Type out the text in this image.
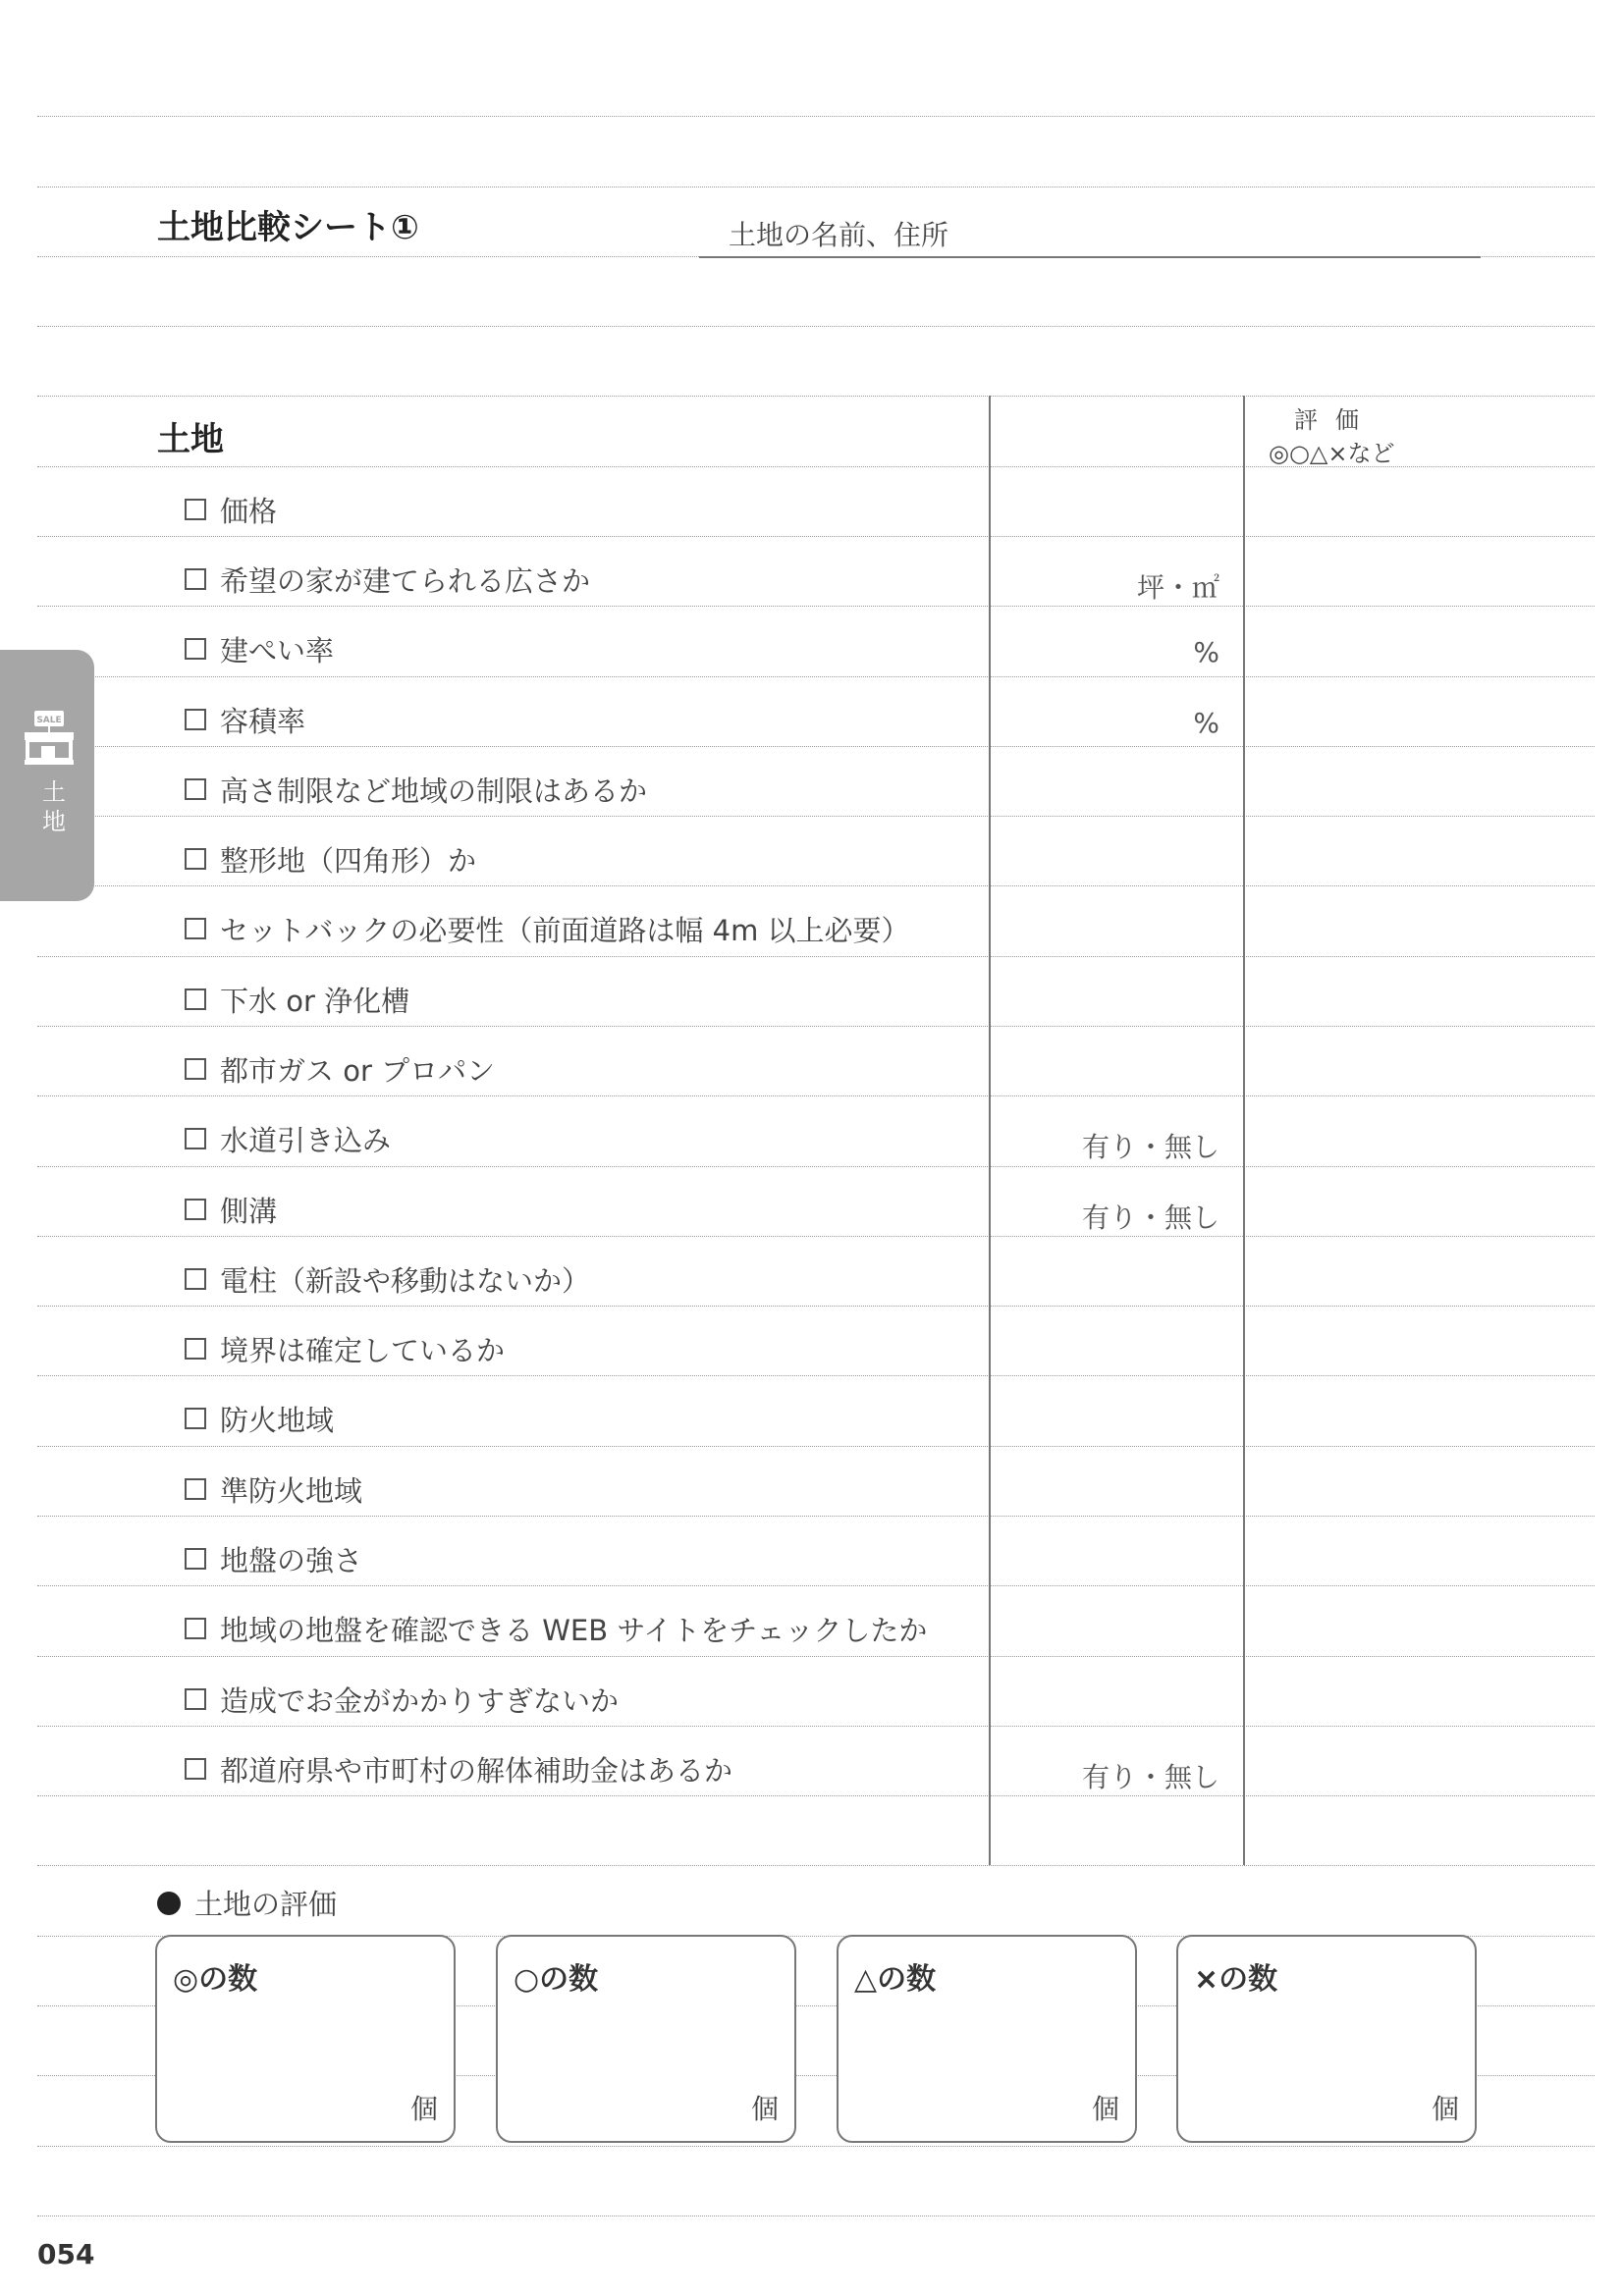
土地比較シート①	土地の名前、住所
土地	評価
◎○△×など
価格
希望の家が建てられる広さか
建ぺい率
容積率
高さ制限など地域の制限はあるか
整形地（四角形）か
セットバックの必要性（前面道路は幅 4m 以上必要）
下水 or 浄化槽
都市ガス or プロパン
水道引き込み
側溝
電柱（新設や移動はないか）
境界は確定しているか
防火地域
準防火地域
地盤の強さ
地域の地盤を確認できる WEB サイトをチェックしたか
造成でお金がかかりすぎないか
都道府県や市町村の解体補助金はあるか
坪・㎡
%
%
有り・無し
有り・無し
有り・無し
SALE
土地
土地の評価
◎の数
個
○の数
個
△の数
個
×の数
個
054
